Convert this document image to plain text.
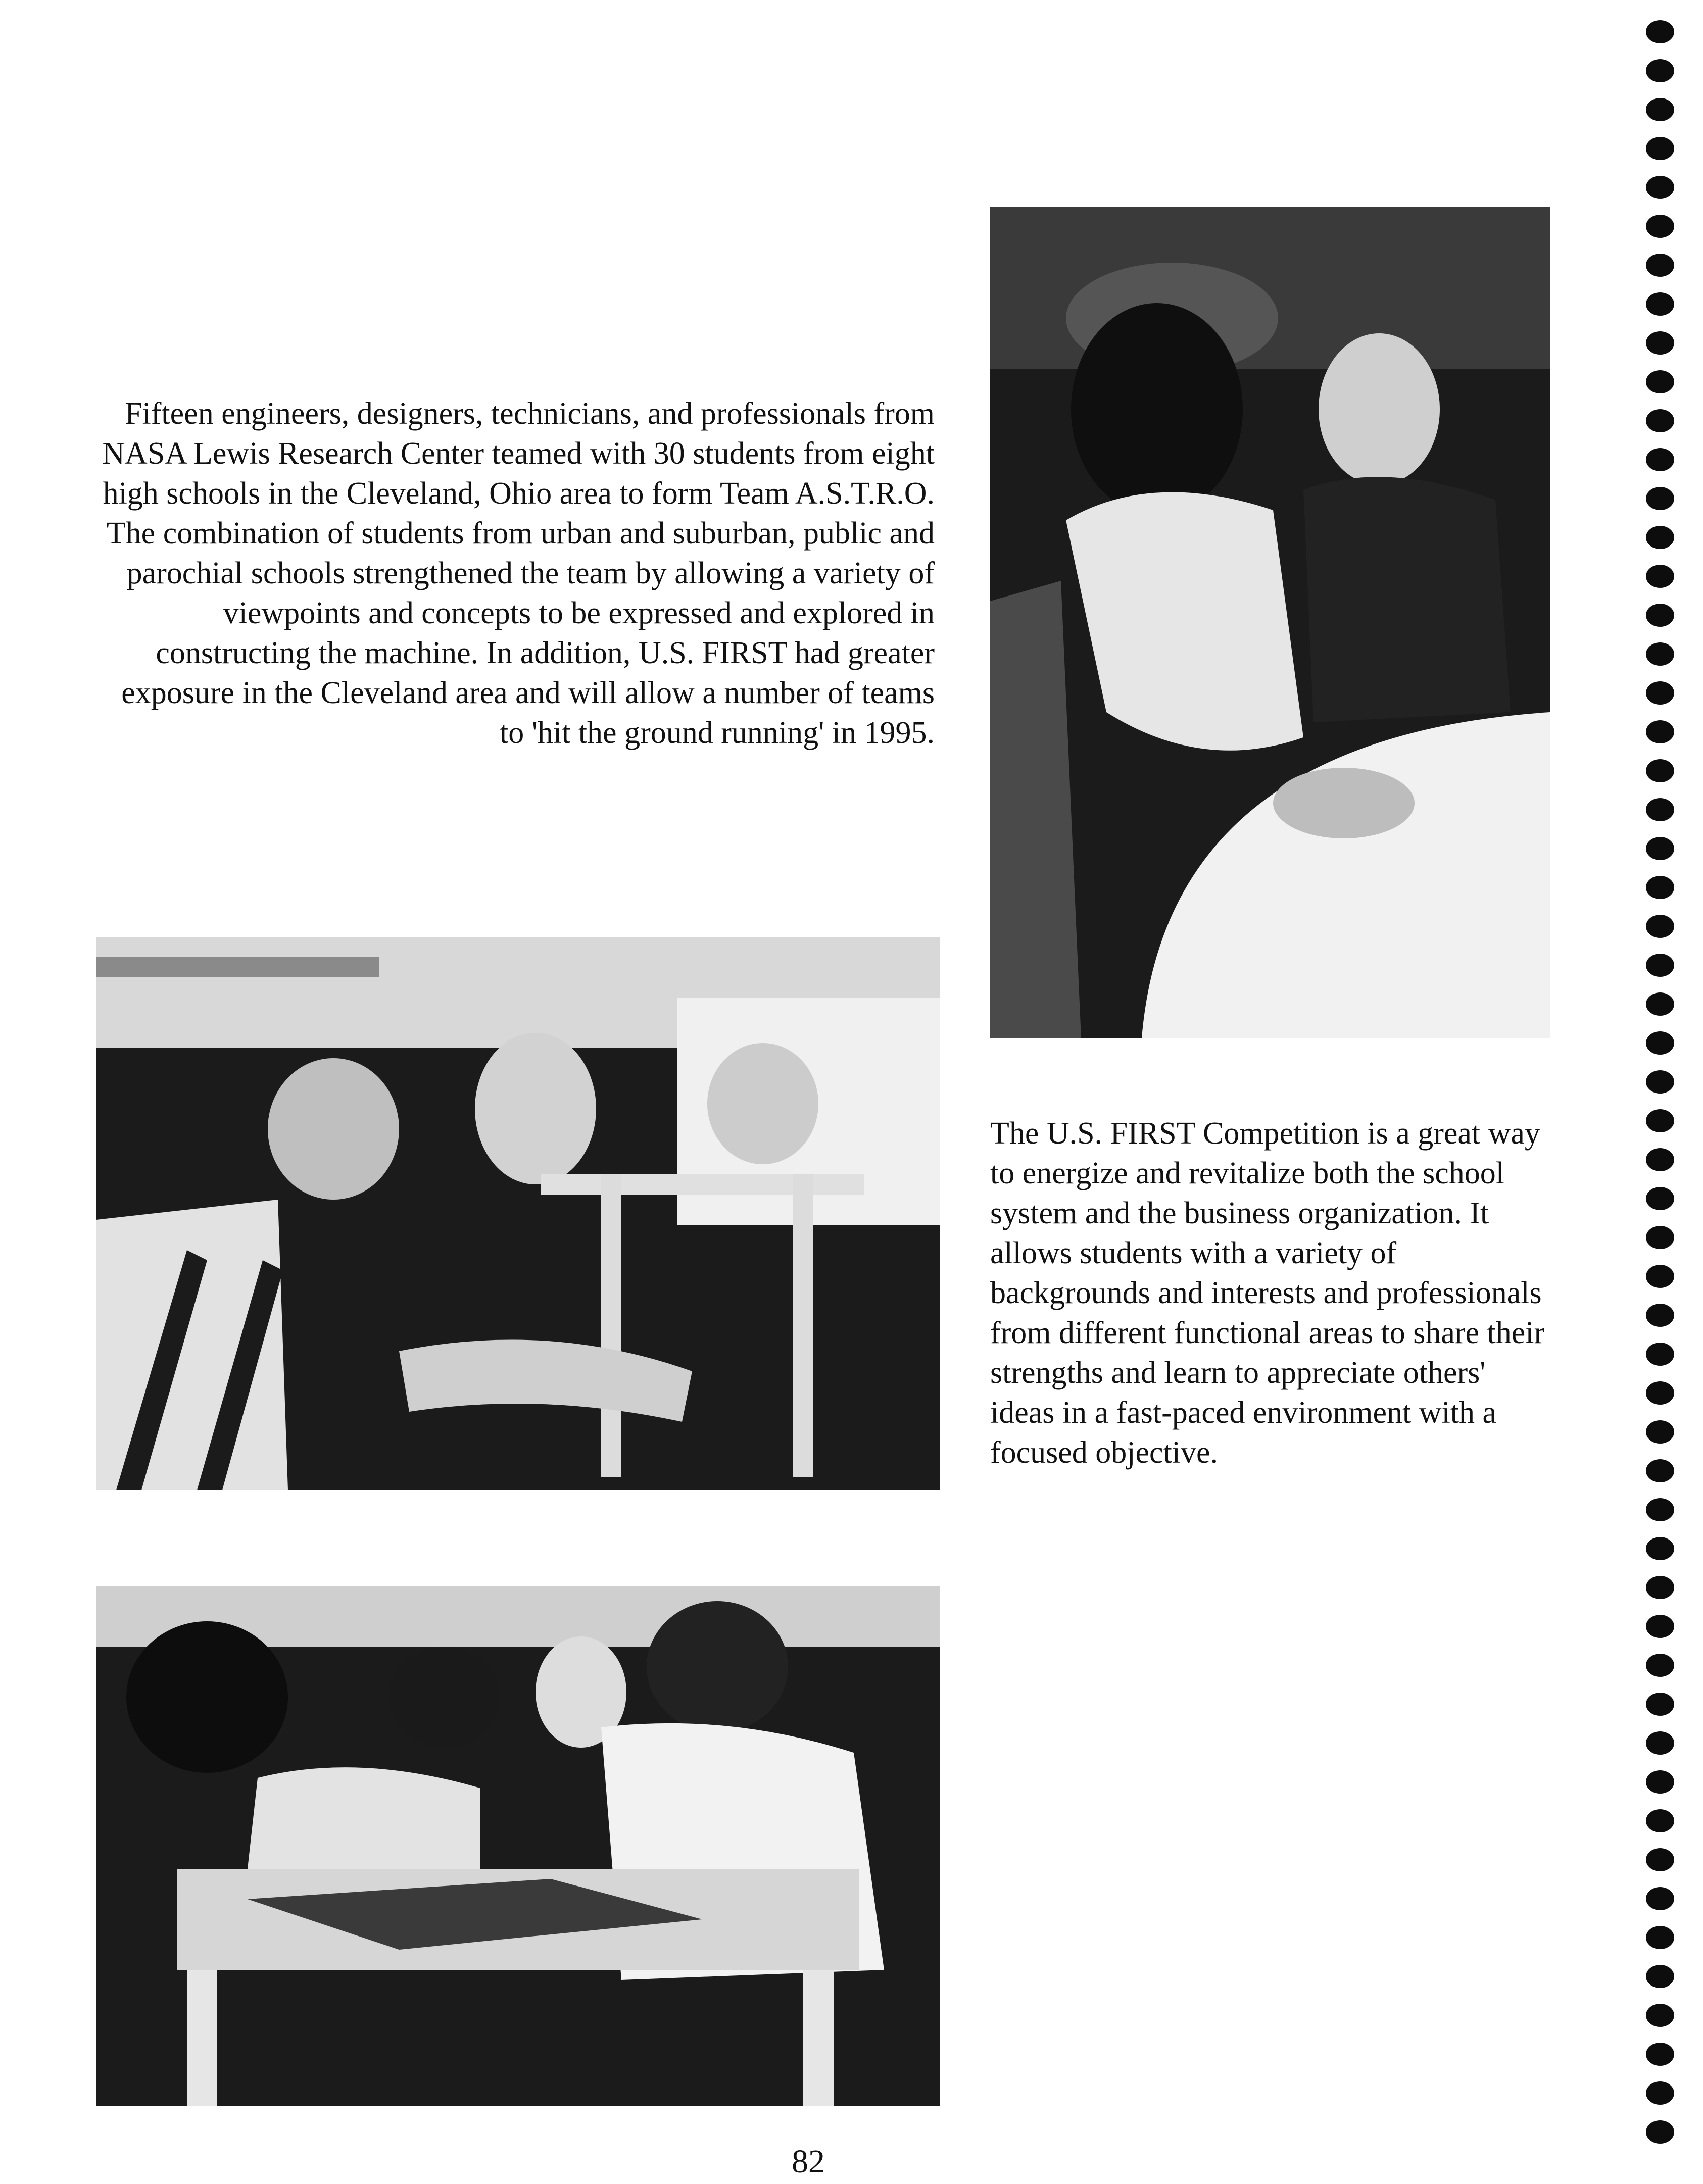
Fifteen engineers, designers, technicians, and professionals from NASA Lewis Research Center teamed with 30 students from eight high schools in the Cleveland, Ohio area to form Team A.S.T.R.O. The combination of students from urban and suburban, public and parochial schools strengthened the team by allowing a variety of viewpoints and concepts to be expressed and explored in constructing the machine. In addition, U.S. FIRST had greater exposure in the Cleveland area and will allow a number of teams to 'hit the ground running' in 1995.

The U.S. FIRST Competition is a great way to energize and revitalize both the school system and the business organization. It allows students with a variety of backgrounds and interests and professionals from different functional areas to share their strengths and learn to appreciate others' ideas in a fast-paced environment with a focused objective.

82
